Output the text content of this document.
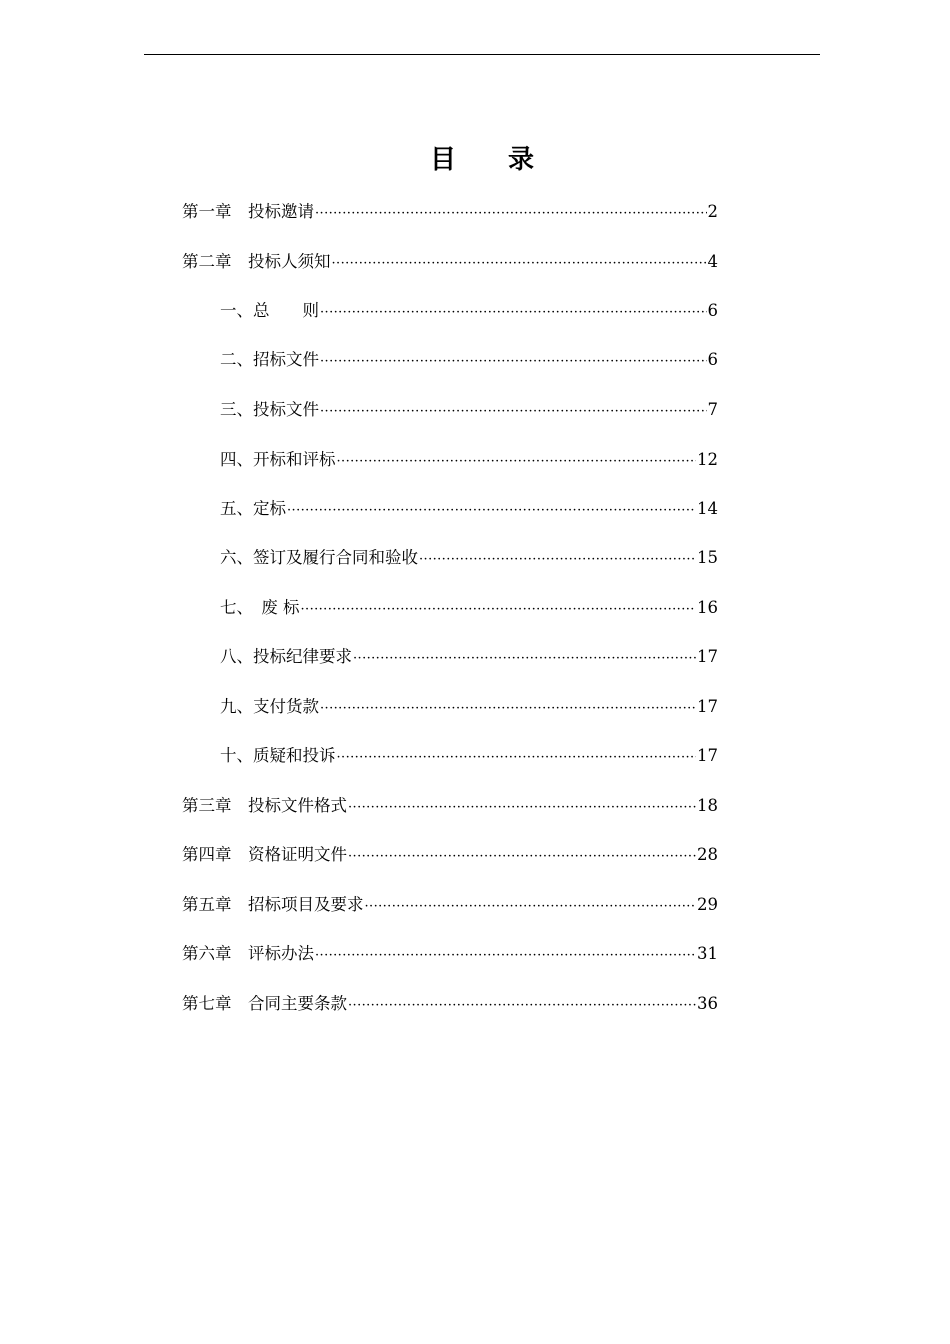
目　　录
第一章　投标邀请 ·····	2
第二章　投标人须知 ·····	4
一、总　　则 ·····	6
二、招标文件 ·····	6
三、投标文件 ·····	7
四、开标和评标 ·····	12
五、定标 ·····	14
六、签订及履行合同和验收 ·····	15
七、　废 标 ·····	16
八、投标纪律要求 ·····	17
九、支付货款 ·····	17
十、质疑和投诉 ·····	17
第三章　投标文件格式 ·····	18
第四章　资格证明文件 ·····	28
第五章　招标项目及要求 ·····	29
第六章　评标办法 ·····	31
第七章　合同主要条款 ·····	36
